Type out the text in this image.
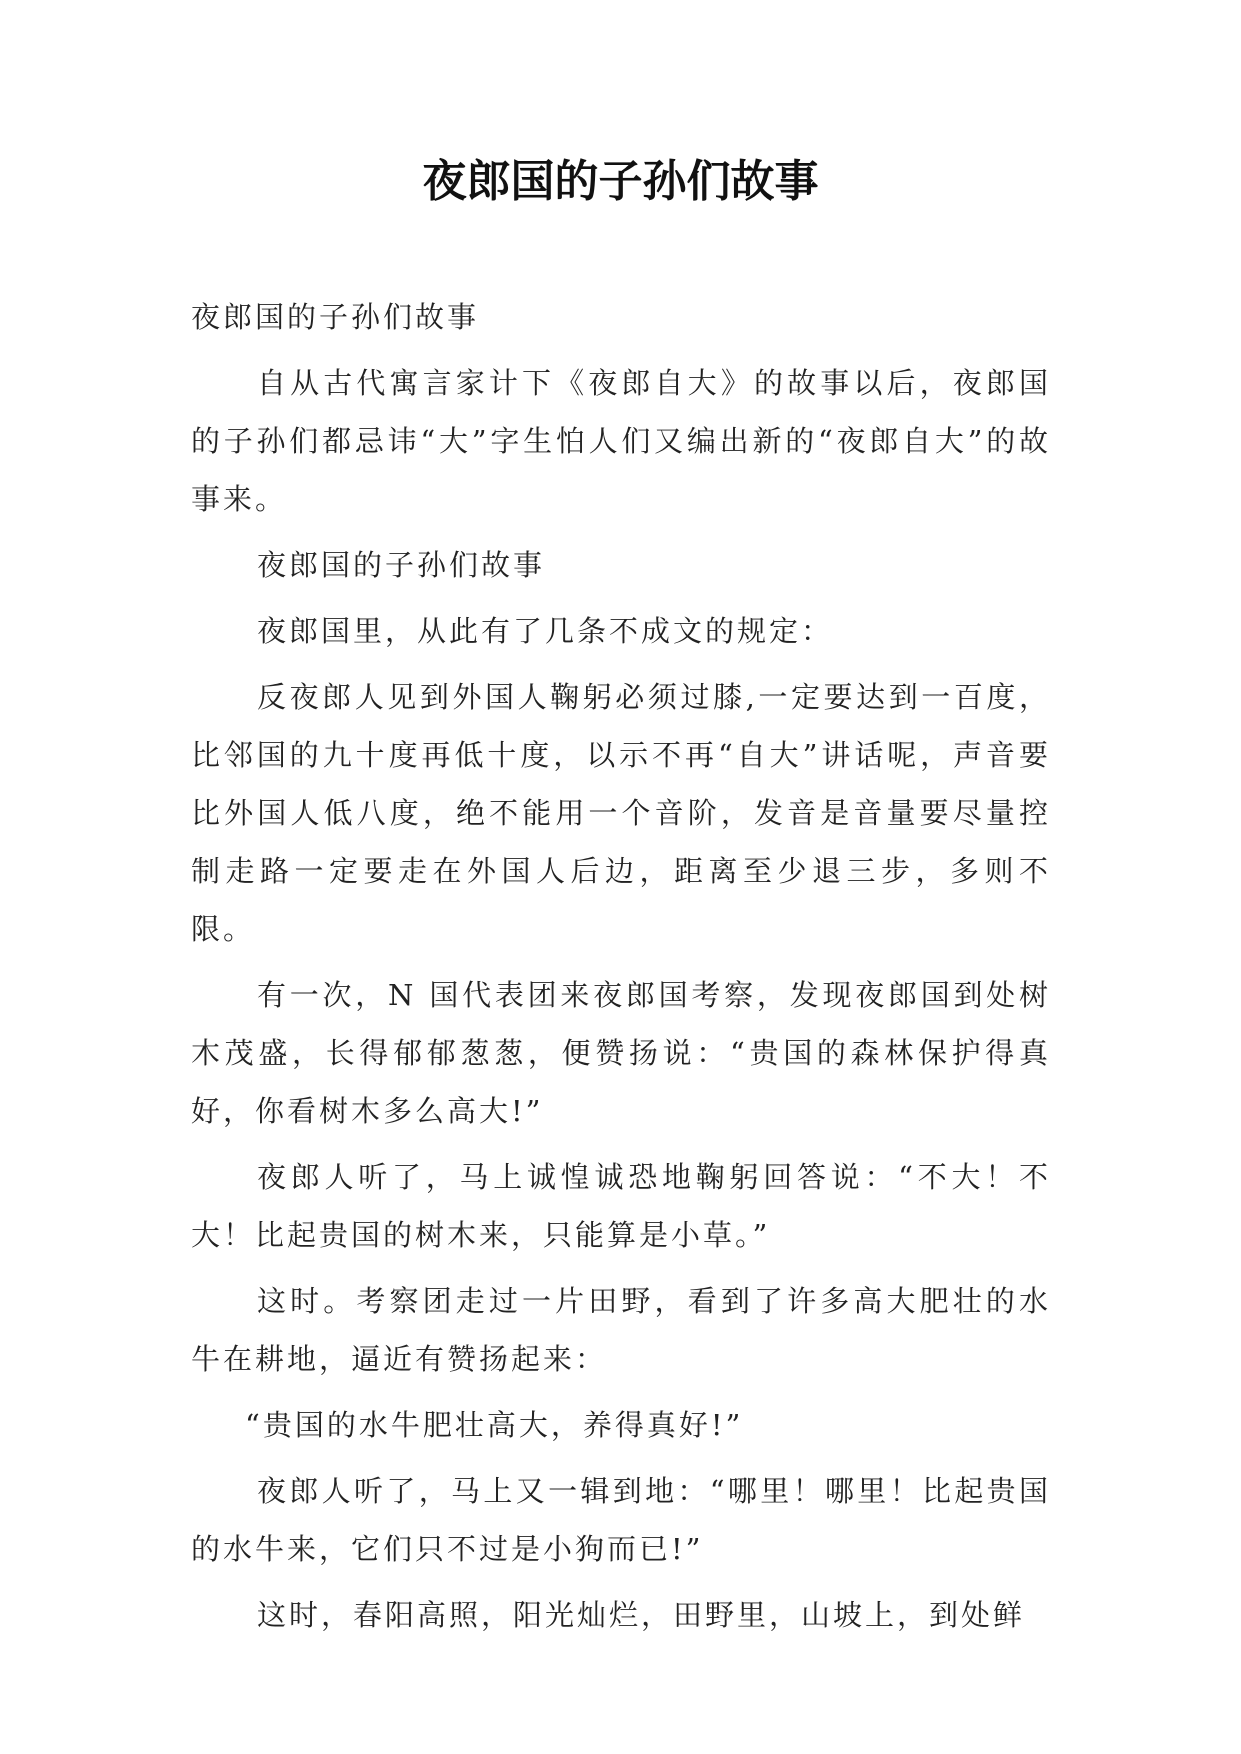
夜郎国的子孙们故事

夜郎国的子孙们故事

自从古代寓言家计下《夜郎自大》的故事以后，夜郎国的子孙们都忌讳“大”字生怕人们又编出新的“夜郎自大”的故事来。

夜郎国的子孙们故事

夜郎国里，从此有了几条不成文的规定：

反夜郎人见到外国人鞠躬必须过膝,一定要达到一百度，比邻国的九十度再低十度，以示不再“自大”讲话呢，声音要比外国人低八度，绝不能用一个音阶，发音是音量要尽量控制走路一定要走在外国人后边，距离至少退三步，多则不限。

有一次，N 国代表团来夜郎国考察，发现夜郎国到处树木茂盛，长得郁郁葱葱，便赞扬说：“贵国的森林保护得真好，你看树木多么高大!”

夜郎人听了，马上诚惶诚恐地鞠躬回答说：“不大！不大！比起贵国的树木来，只能算是小草。”

这时。考察团走过一片田野，看到了许多高大肥壮的水牛在耕地，逼近有赞扬起来：

“贵国的水牛肥壮高大，养得真好!”

夜郎人听了，马上又一辑到地：“哪里！哪里！比起贵国的水牛来，它们只不过是小狗而已!”

这时，春阳高照，阳光灿烂，田野里，山坡上，到处鲜
